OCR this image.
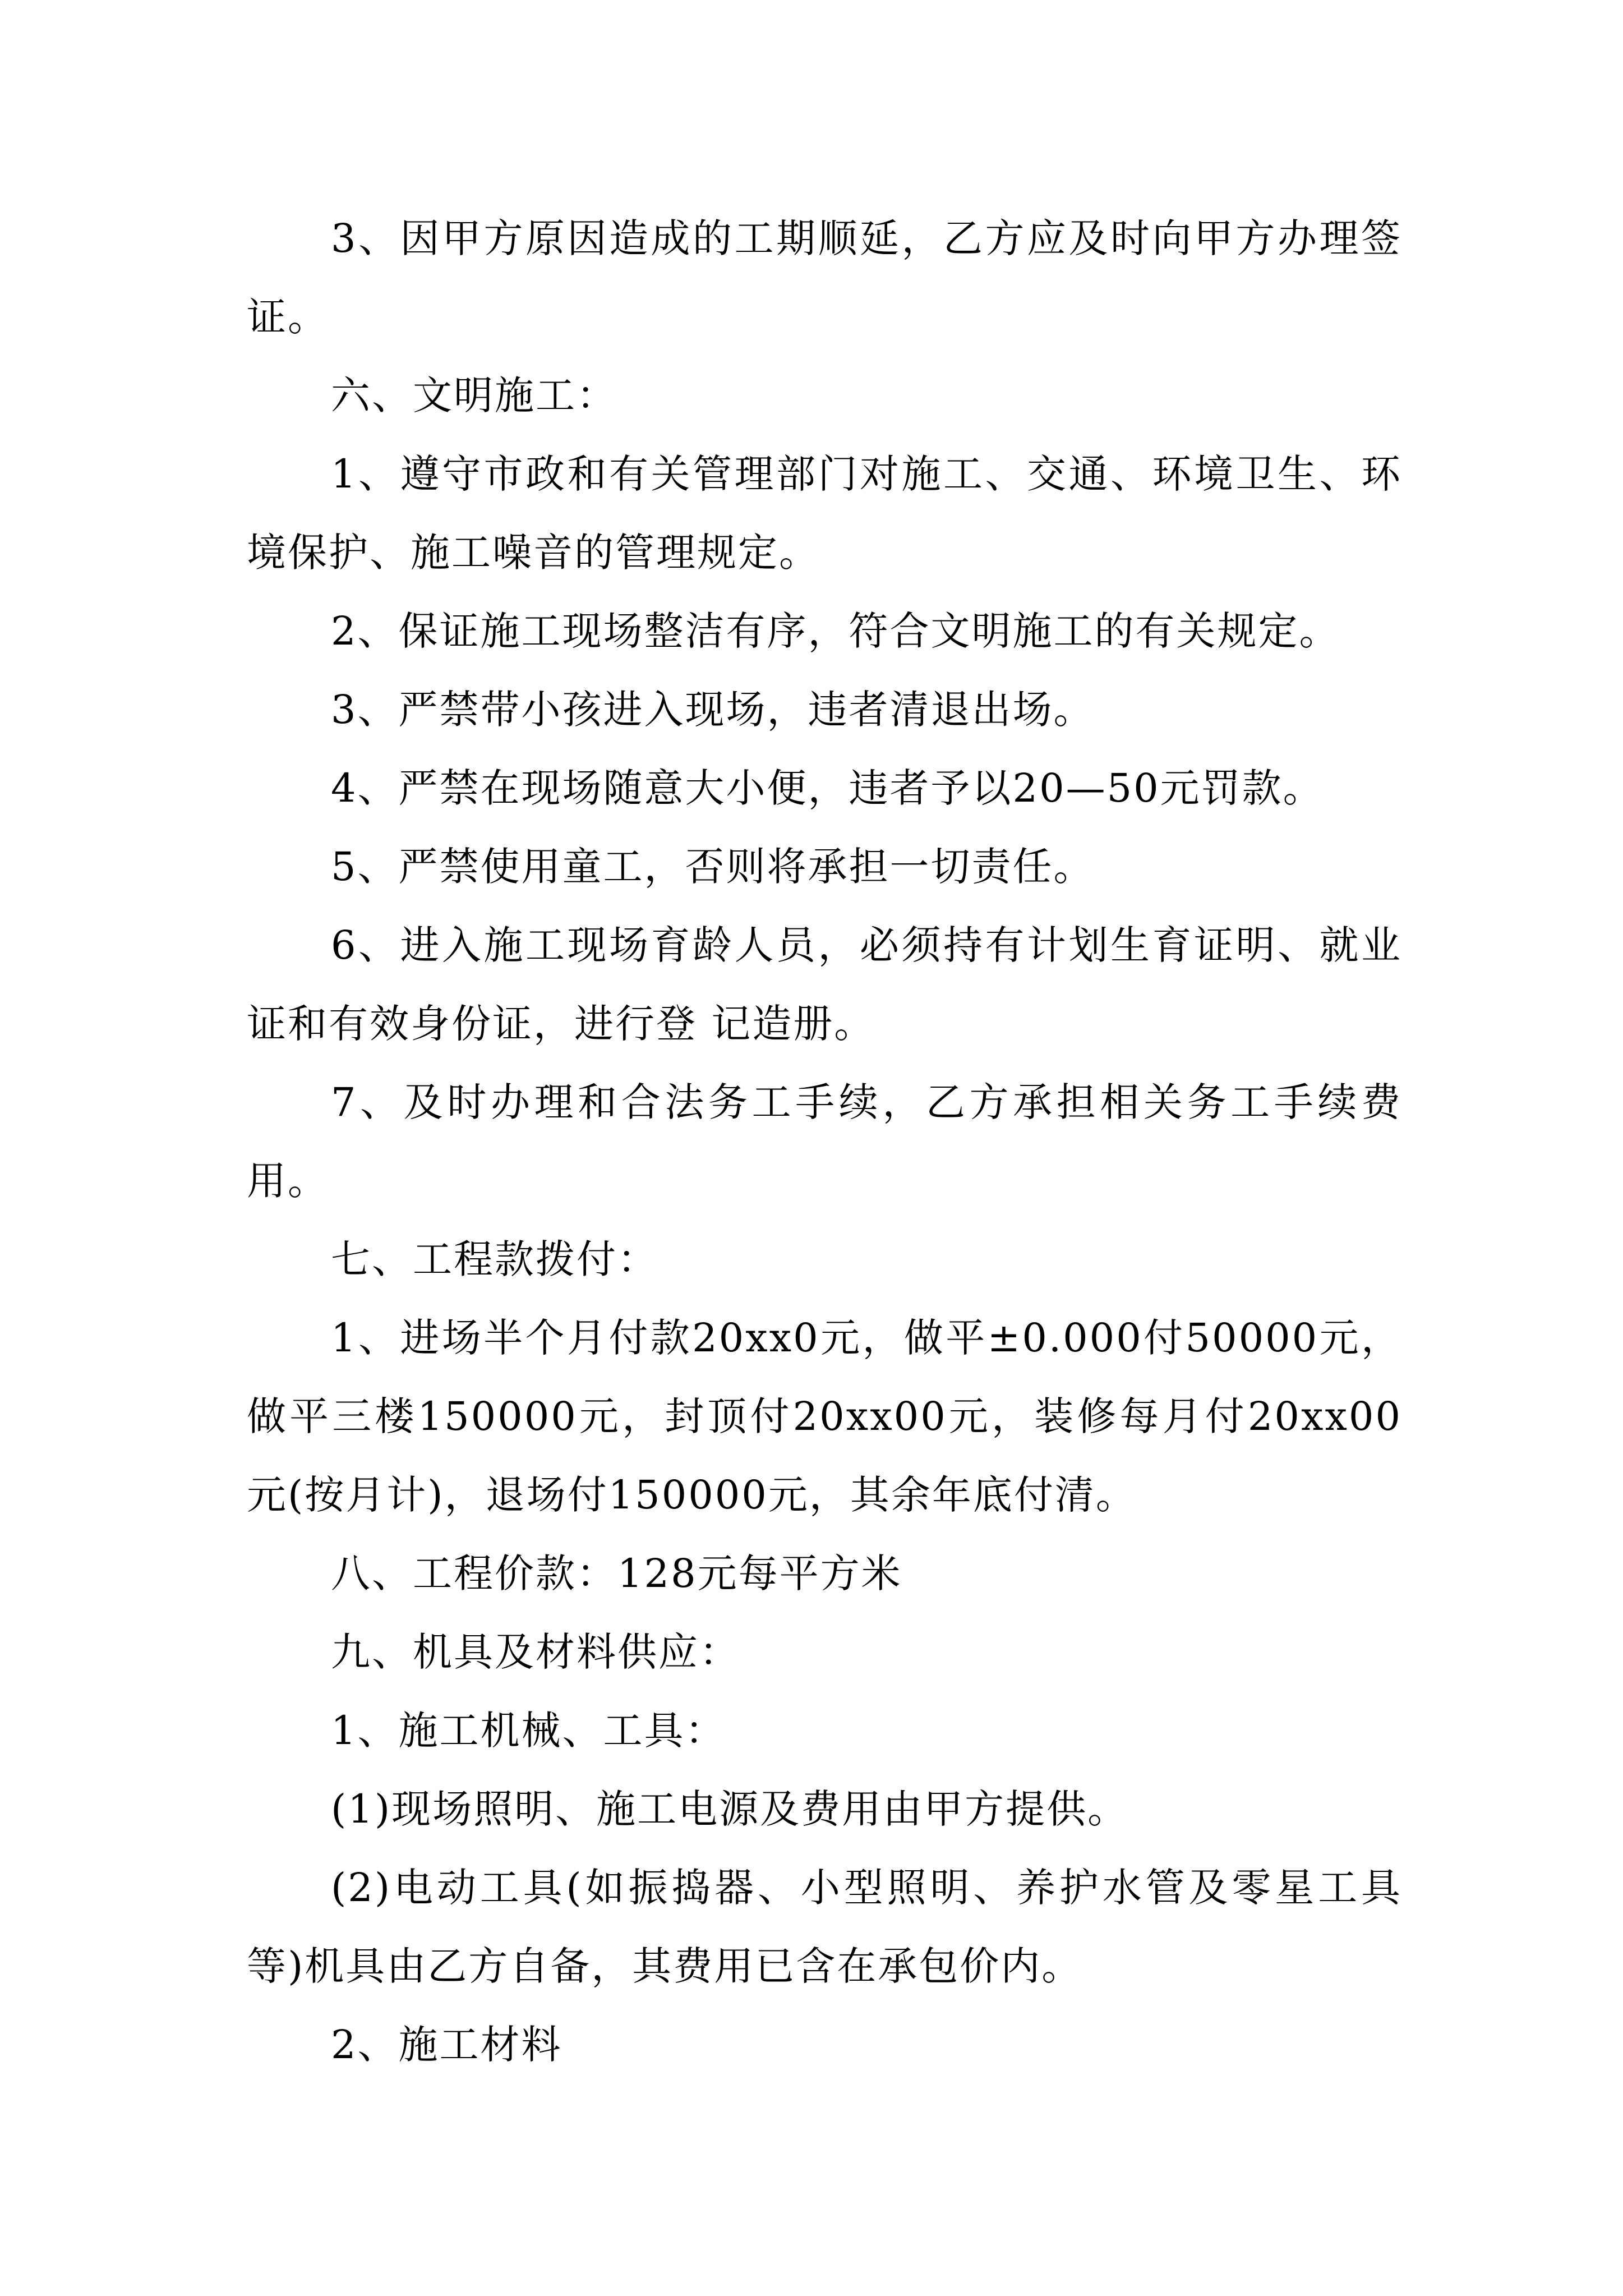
3、因甲方原因造成的工期顺延，乙方应及时向甲方办理签证。

六、文明施工：

1、遵守市政和有关管理部门对施工、交通、环境卫生、环境保护、施工噪音的管理规定。

2、保证施工现场整洁有序，符合文明施工的有关规定。

3、严禁带小孩进入现场，违者清退出场。

4、严禁在现场随意大小便，违者予以20—50元罚款。

5、严禁使用童工，否则将承担一切责任。

6、进入施工现场育龄人员，必须持有计划生育证明、就业证和有效身份证，进行登 记造册。

7、及时办理和合法务工手续，乙方承担相关务工手续费用。

七、工程款拨付：

1、进场半个月付款20xx0元，做平±0.000付50000元，做平三楼150000元，封顶付20xx00元，装修每月付20xx00元(按月计)，退场付150000元，其余年底付清。

八、工程价款：128元每平方米

九、机具及材料供应：

1、施工机械、工具：

(1)现场照明、施工电源及费用由甲方提供。

(2)电动工具(如振捣器、小型照明、养护水管及零星工具等)机具由乙方自备，其费用已含在承包价内。

2、施工材料
